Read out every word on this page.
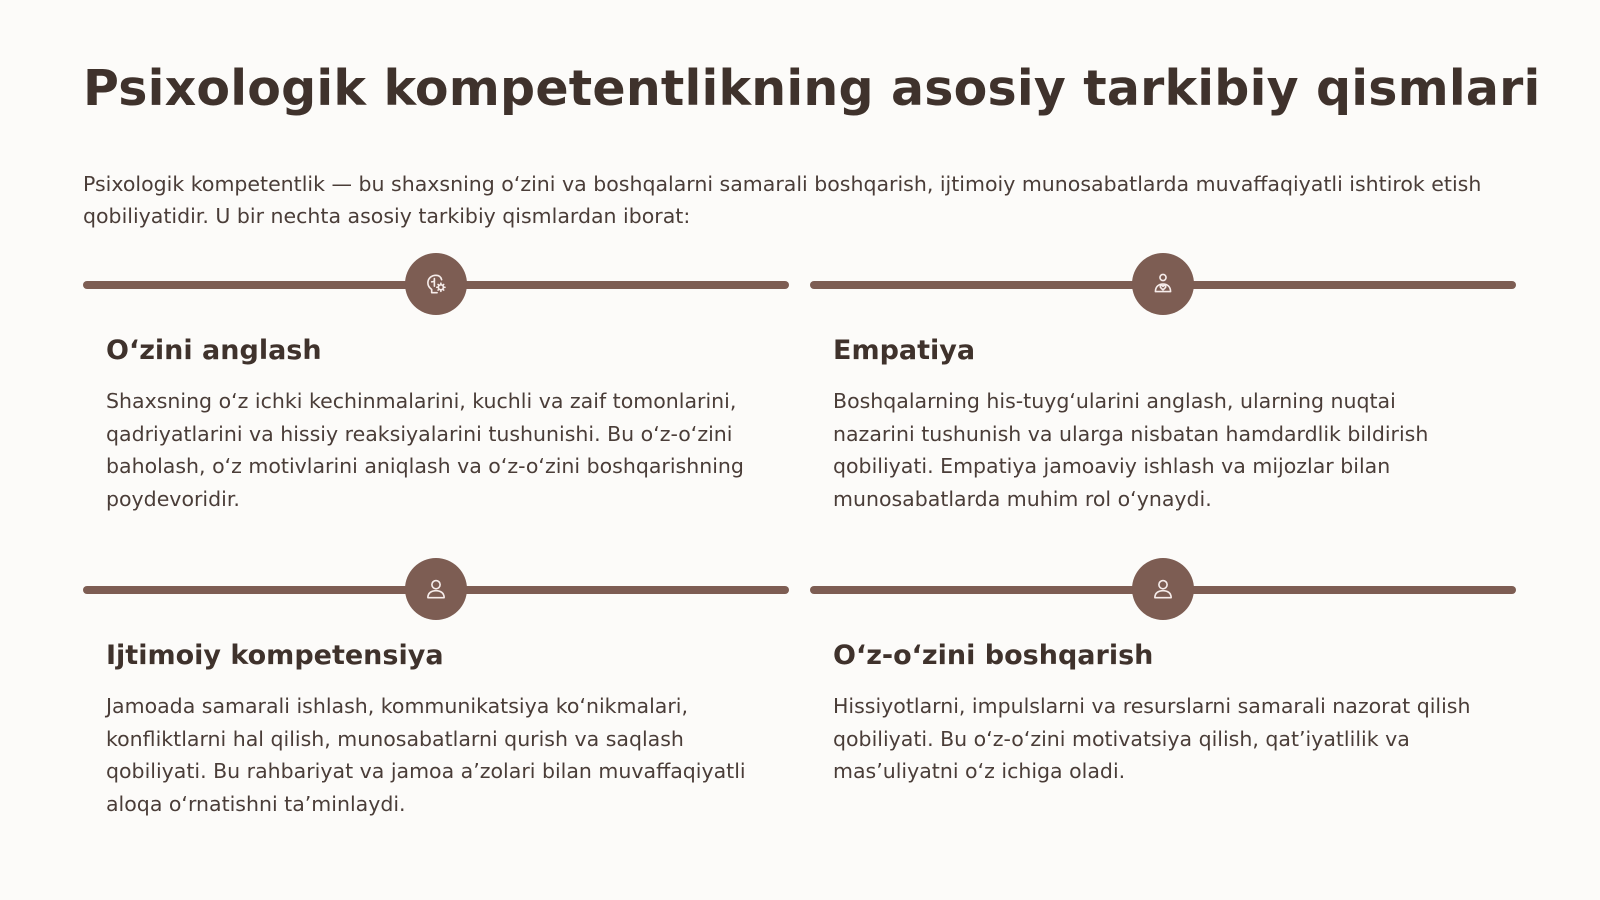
Psixologik kompetentlikning asosiy tarkibiy qismlari

Psixologik kompetentlik — bu shaxsning o‘zini va boshqalarni samarali boshqarish, ijtimoiy munosabatlarda muvaffaqiyatli ishtirok etish qobiliyatidir. U bir nechta asosiy tarkibiy qismlardan iborat:

O‘zini anglash

Shaxsning o‘z ichki kechinmalarini, kuchli va zaif tomonlarini, qadriyatlarini va hissiy reaksiyalarini tushunishi. Bu o‘z-o‘zini baholash, o‘z motivlarini aniqlash va o‘z-o‘zini boshqarishning poydevoridir.

Empatiya

Boshqalarning his-tuyg‘ularini anglash, ularning nuqtai nazarini tushunish va ularga nisbatan hamdardlik bildirish qobiliyati. Empatiya jamoaviy ishlash va mijozlar bilan munosabatlarda muhim rol o‘ynaydi.

Ijtimoiy kompetensiya

Jamoada samarali ishlash, kommunikatsiya ko‘nikmalari, konfliktlarni hal qilish, munosabatlarni qurish va saqlash qobiliyati. Bu rahbariyat va jamoa a’zolari bilan muvaffaqiyatli aloqa o‘rnatishni ta’minlaydi.

O‘z-o‘zini boshqarish

Hissiyotlarni, impulslarni va resurslarni samarali nazorat qilish qobiliyati. Bu o‘z-o‘zini motivatsiya qilish, qat’iyatlilik va mas’uliyatni o‘z ichiga oladi.
